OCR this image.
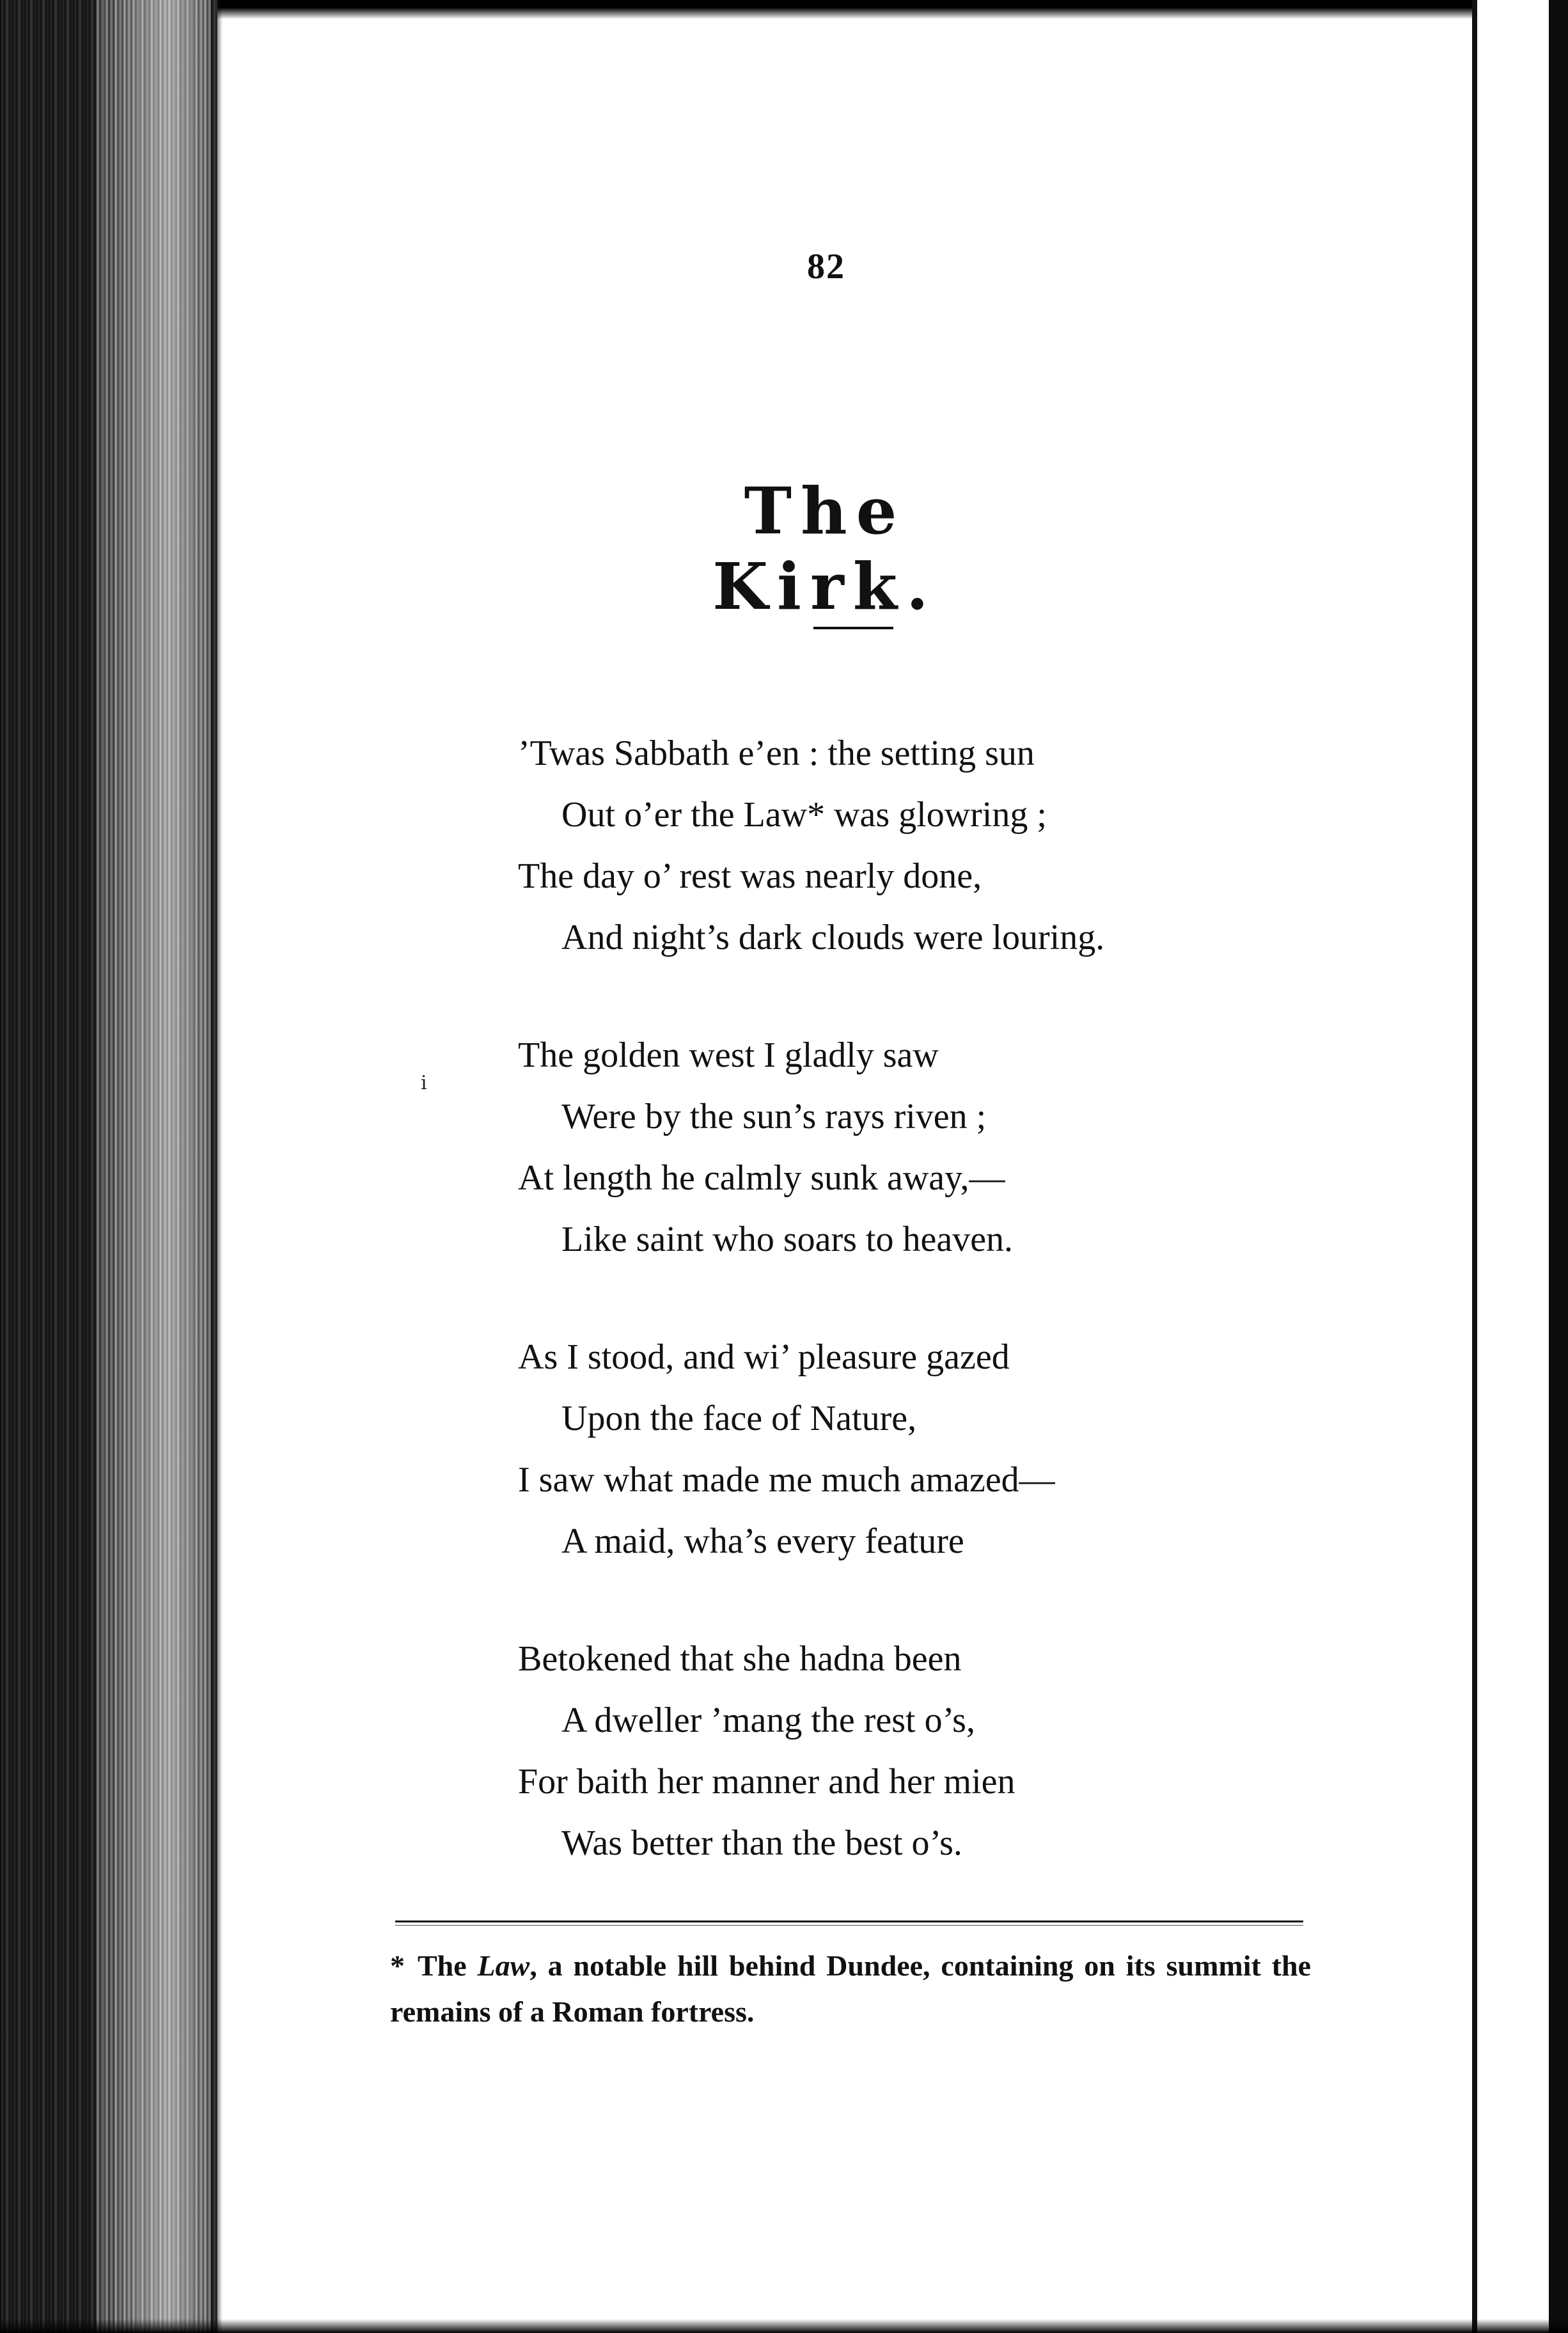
82
The Kirk.
’Twas Sabbath e’en : the setting sun
Out o’er the Law* was glowring ;
The day o’ rest was nearly done,
And night’s dark clouds were louring.
The golden west I gladly saw
Were by the sun’s rays riven ;
At length he calmly sunk away,—
Like saint who soars to heaven.
As I stood, and wi’ pleasure gazed
Upon the face of Nature,
I saw what made me much amazed—
A maid, wha’s every feature
Betokened that she hadna been
A dweller ’mang the rest o’s,
For baith her manner and her mien
Was better than the best o’s.
ⅰ
* The Law, a notable hill behind Dundee, containing on its summit the remains of a Roman fortress.
